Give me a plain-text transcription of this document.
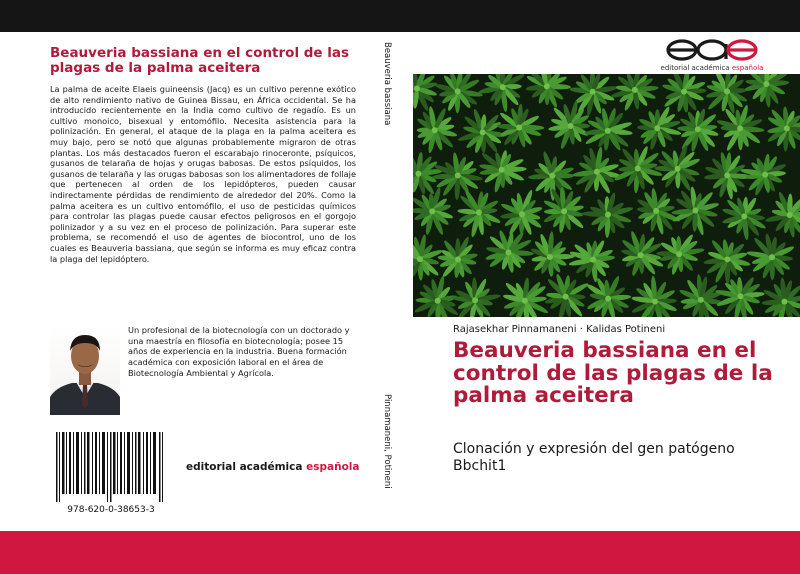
Beauveria bassiana en el control de las plagas de la palma aceitera

La palma de aceite Elaeis guineensis (Jacq) es un cultivo perenne exótico de alto rendimiento nativo de Guinea Bissau, en África occidental. Se ha introducido recientemente en la India como cultivo de regadío. Es un cultivo monoico, bisexual y entomófilo. Necesita asistencia para la polinización. En general, el ataque de la plaga en la palma aceitera es muy bajo, pero se notó que algunas probablemente migraron de otras plantas. Los más destacados fueron el escarabajo rinoceronte, psíquicos, gusanos de telaraña de hojas y orugas babosas. De estos psíquidos, los gusanos de telaraña y las orugas babosas son los alimentadores de follaje que pertenecen al orden de los lepidópteros, pueden causar indirectamente pérdidas de rendimiento de alrededor del 20%. Como la palma aceitera es un cultivo entomófilo, el uso de pesticidas químicos para controlar las plagas puede causar efectos peligrosos en el gorgojo polinizador y a su vez en el proceso de polinización. Para superar este problema, se recomendó el uso de agentes de biocontrol, uno de los cuales es Beauveria bassiana, que según se informa es muy eficaz contra la plaga del lepidóptero.

Un profesional de la biotecnología con un doctorado y una maestría en filosofía en biotecnología; posee 15 años de experiencia en la industria. Buena formación académica con exposición laboral en el área de Biotecnología Ambiental y Agrícola.

978-620-0-38653-3
editorial académica española
Beauveria bassiana
Pinnamaneni, Potineni
editorial académica española
Rajasekhar Pinnamaneni · Kalidas Potineni
Beauveria bassiana en el control de las plagas de la palma aceitera

Clonación y expresión del gen patógeno Bbchit1
